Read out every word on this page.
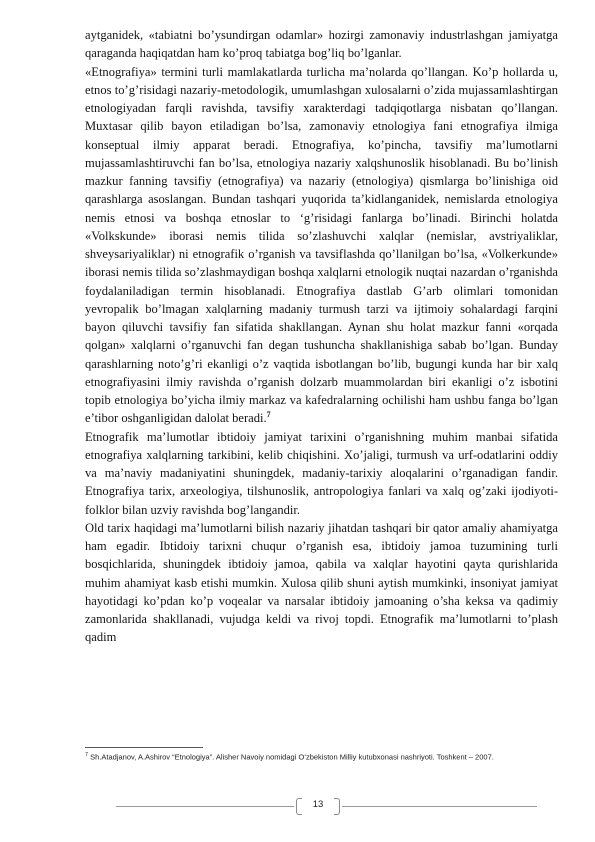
aytganidek, «tabiatni bo’ysundirgan odamlar» hozirgi zamonaviy industrlashgan jamiyatga qaraganda haqiqatdan ham ko’proq tabiatga bog’liq bo’lganlar.

«Etnografiya» termini turli mamlakatlarda turlicha ma’nolarda qo’llangan. Ko’p hollarda u, etnos to’g’risidagi nazariy-metodologik, umumlashgan xulosalarni o’zida mujassamlashtirgan etnologiyadan farqli ravishda, tavsifiy xarakterdagi tadqiqotlarga nisbatan qo’llangan. Muxtasar qilib bayon etiladigan bo’lsa, zamonaviy etnologiya fani etnografiya ilmiga konseptual ilmiy apparat beradi. Etnografiya, ko’pincha, tavsifiy ma’lumotlarni mujassamlashtiruvchi fan bo’lsa, etnologiya nazariy xalqshunoslik hisoblanadi. Bu bo’linish mazkur fanning tavsifiy (etnografiya) va nazariy (etnologiya) qismlarga bo’linishiga oid qarashlarga asoslangan. Bundan tashqari yuqorida ta’kidlanganidek, nemislarda etnologiya nemis etnosi va boshqa etnoslar to ‘g’risidagi fanlarga bo’linadi. Birinchi holatda «Volkskunde» iborasi nemis tilida so’zlashuvchi xalqlar (nemislar, avstriyaliklar, shveysariyaliklar) ni etnografik o’rganish va tavsiflashda qo’llanilgan bo’lsa, «Volkerkunde» iborasi nemis tilida so’zlashmaydigan boshqa xalqlarni etnologik nuqtai nazardan o’rganishda foydalaniladigan termin hisoblanadi. Etnografiya dastlab G’arb olimlari tomonidan yevropalik bo’lmagan xalqlarning madaniy turmush tarzi va ijtimoiy sohalardagi farqini bayon qiluvchi tavsifiy fan sifatida shakllangan. Aynan shu holat mazkur fanni «orqada qolgan» xalqlarni o’rganuvchi fan degan tushuncha shakllanishiga sabab bo’lgan. Bunday qarashlarning noto’g’ri ekanligi o’z vaqtida isbotlangan bo’lib, bugungi kunda har bir xalq etnografiyasini ilmiy ravishda o’rganish dolzarb muammolardan biri ekanligi o’z isbotini topib etnologiya bo’yicha ilmiy markaz va kafedralarning ochilishi ham ushbu fanga bo’lgan e’tibor oshganligidan dalolat beradi.$^7$

Etnografik ma’lumotlar ibtidoiy jamiyat tarixini o’rganishning muhim manbai sifatida etnografiya xalqlarning tarkibini, kelib chiqishini. Xo’jaligi, turmush va urf-odatlarini oddiy va ma’naviy madaniyatini shuningdek, madaniy-tarixiy aloqalarini o’rganadigan fandir. Etnografiya tarix, arxeologiya, tilshunoslik, antropologiya fanlari va xalq og’zaki ijodiyoti-folklor bilan uzviy ravishda bog’langandir.

Old tarix haqidagi ma’lumotlarni bilish nazariy jihatdan tashqari bir qator amaliy ahamiyatga ham egadir. Ibtidoiy tarixni chuqur o’rganish esa, ibtidoiy jamoa tuzumining turli bosqichlarida, shuningdek ibtidoiy jamoa, qabila va xalqlar hayotini qayta qurishlarida muhim ahamiyat kasb etishi mumkin. Xulosa qilib shuni aytish mumkinki, insoniyat jamiyat hayotidagi ko’pdan ko’p voqealar va narsalar ibtidoiy jamoaning o’sha keksa va qadimiy zamonlarida shakllanadi, vujudga keldi va rivoj topdi. Etnografik ma’lumotlarni to’plash qadim

$^7$ Sh.Atadjanov, A.Ashirov “Etnologiya”. Alisher Navoiy nomidagi O’zbekiston Milliy kutubxonasi nashriyoti. Toshkent – 2007.
13
